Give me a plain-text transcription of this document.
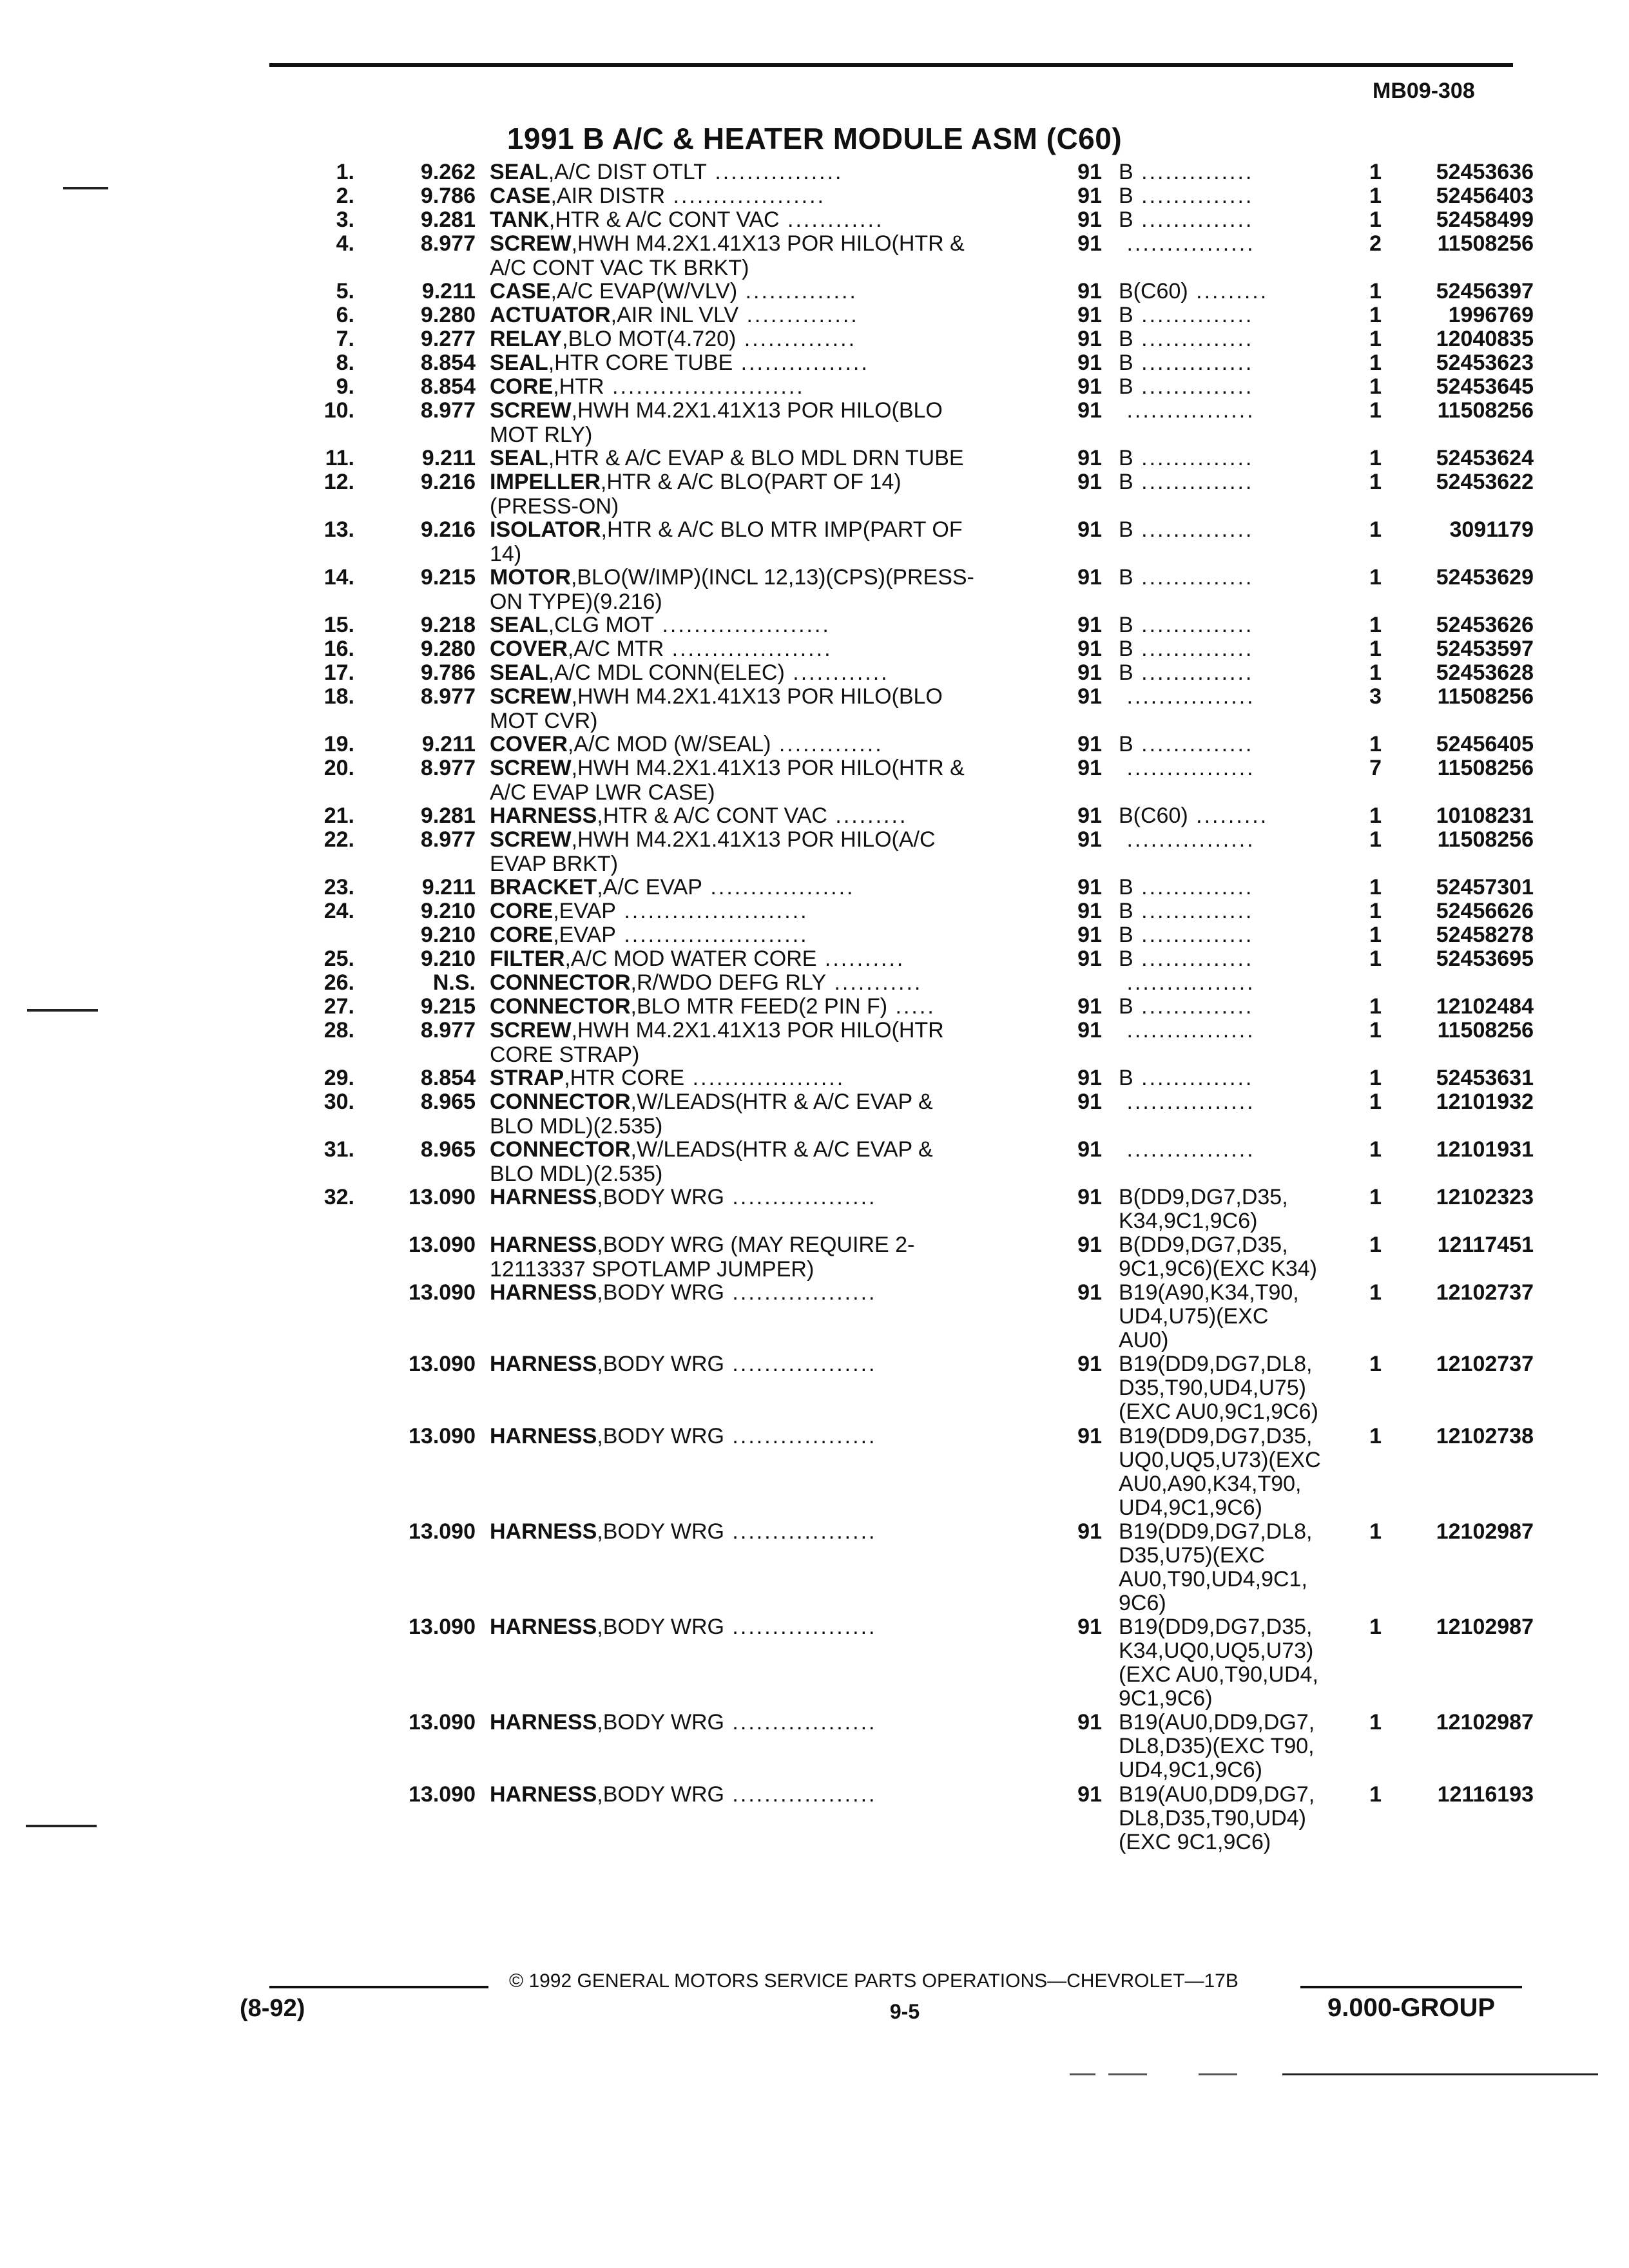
MB09-308
1991 B A/C & HEATER MODULE ASM (C60)
1.	9.262 SEAL,A/C DIST OTLT ................	91 B ..............	1	52453636
2.	9.786 CASE,AIR DISTR ...................	91 B ..............	1	52456403
3.	9.281 TANK,HTR & A/C CONT VAC ............	91 B ..............	1	52458499
4.	8.977 SCREW,HWH M4.2X1.41X13 POR HILO(HTR &
A/C CONT VAC TK BRKT)
91 ................	2	11508256
5.	9.211 CASE,A/C EVAP(W/VLV) ..............	91 B(C60) .........	1	52456397
6.	9.280 ACTUATOR,AIR INL VLV ..............	91 B ..............	1	1996769
7.	9.277 RELAY,BLO MOT(4.720) ..............	91 B ..............	1	12040835
8.	8.854 SEAL,HTR CORE TUBE ................	91 B ..............	1	52453623
9.	8.854 CORE,HTR ........................	91 B ..............	1	52453645
10.	8.977 SCREW,HWH M4.2X1.41X13 POR HILO(BLO
MOT RLY)
91 ................	1	11508256
11.	9.211 SEAL,HTR & A/C EVAP & BLO MDL DRN TUBE	91 B ..............	1	52453624
12.	9.216 IMPELLER,HTR & A/C BLO(PART OF 14)
(PRESS-ON)
91 B ..............	1	52453622
13.	9.216 ISOLATOR,HTR & A/C BLO MTR IMP(PART OF
14)
91 B ..............	1	3091179
14.	9.215 MOTOR,BLO(W/IMP)(INCL 12,13)(CPS)(PRESS-
ON TYPE)(9.216)
91 B ..............	1	52453629
15.	9.218 SEAL,CLG MOT .....................	91 B ..............	1	52453626
16.	9.280 COVER,A/C MTR ....................	91 B ..............	1	52453597
17.	9.786 SEAL,A/C MDL CONN(ELEC) ............	91 B ..............	1	52453628
18.	8.977 SCREW,HWH M4.2X1.41X13 POR HILO(BLO
MOT CVR)
91 ................	3	11508256
19.	9.211 COVER,A/C MOD (W/SEAL) .............	91 B ..............	1	52456405
20.	8.977 SCREW,HWH M4.2X1.41X13 POR HILO(HTR &
A/C EVAP LWR CASE)
91 ................	7	11508256
21.	9.281 HARNESS,HTR & A/C CONT VAC .........	91 B(C60) .........	1	10108231
22.	8.977 SCREW,HWH M4.2X1.41X13 POR HILO(A/C
EVAP BRKT)
91 ................	1	11508256
23.	9.211 BRACKET,A/C EVAP ..................	91 B ..............	1	52457301
24.	9.210 CORE,EVAP .......................	91 B ..............	1	52456626
9.210 CORE,EVAP .......................	91 B ..............	1	52458278
25.	9.210 FILTER,A/C MOD WATER CORE ..........	91 B ..............	1	52453695
26.	N.S. CONNECTOR,R/WDO DEFG RLY ...........	................
27.	9.215 CONNECTOR,BLO MTR FEED(2 PIN F) .....	91 B ..............	1	12102484
28.	8.977 SCREW,HWH M4.2X1.41X13 POR HILO(HTR
CORE STRAP)
91 ................	1	11508256
29.	8.854 STRAP,HTR CORE ...................	91 B ..............	1	52453631
30.	8.965 CONNECTOR,W/LEADS(HTR & A/C EVAP &
BLO MDL)(2.535)
91 ................	1	12101932
31.	8.965 CONNECTOR,W/LEADS(HTR & A/C EVAP &
BLO MDL)(2.535)
91 ................	1	12101931
32.	13.090 HARNESS,BODY WRG ..................	91 B(DD9,DG7,D35,
K34,9C1,9C6)
1	12102323
13.090 HARNESS,BODY WRG (MAY REQUIRE 2-
12113337 SPOTLAMP JUMPER)
91 B(DD9,DG7,D35,
9C1,9C6)(EXC K34)
1	12117451
13.090 HARNESS,BODY WRG ..................	91 B19(A90,K34,T90,
UD4,U75)(EXC
AU0)
1	12102737
13.090 HARNESS,BODY WRG ..................	91 B19(DD9,DG7,DL8,
D35,T90,UD4,U75)
(EXC AU0,9C1,9C6)
1	12102737
13.090 HARNESS,BODY WRG ..................	91 B19(DD9,DG7,D35,
UQ0,UQ5,U73)(EXC
AU0,A90,K34,T90,
UD4,9C1,9C6)
1	12102738
13.090 HARNESS,BODY WRG ..................	91 B19(DD9,DG7,DL8,
D35,U75)(EXC
AU0,T90,UD4,9C1,
9C6)
1	12102987
13.090 HARNESS,BODY WRG ..................	91 B19(DD9,DG7,D35,
K34,UQ0,UQ5,U73)
(EXC AU0,T90,UD4,
9C1,9C6)
1	12102987
13.090 HARNESS,BODY WRG ..................	91 B19(AU0,DD9,DG7,
DL8,D35)(EXC T90,
UD4,9C1,9C6)
1	12102987
13.090 HARNESS,BODY WRG ..................	91 B19(AU0,DD9,DG7,
DL8,D35,T90,UD4)
(EXC 9C1,9C6)
1	12116193
© 1992 GENERAL MOTORS SERVICE PARTS OPERATIONS—CHEVROLET—17B
(8-92)	9-5	9.000-GROUP
